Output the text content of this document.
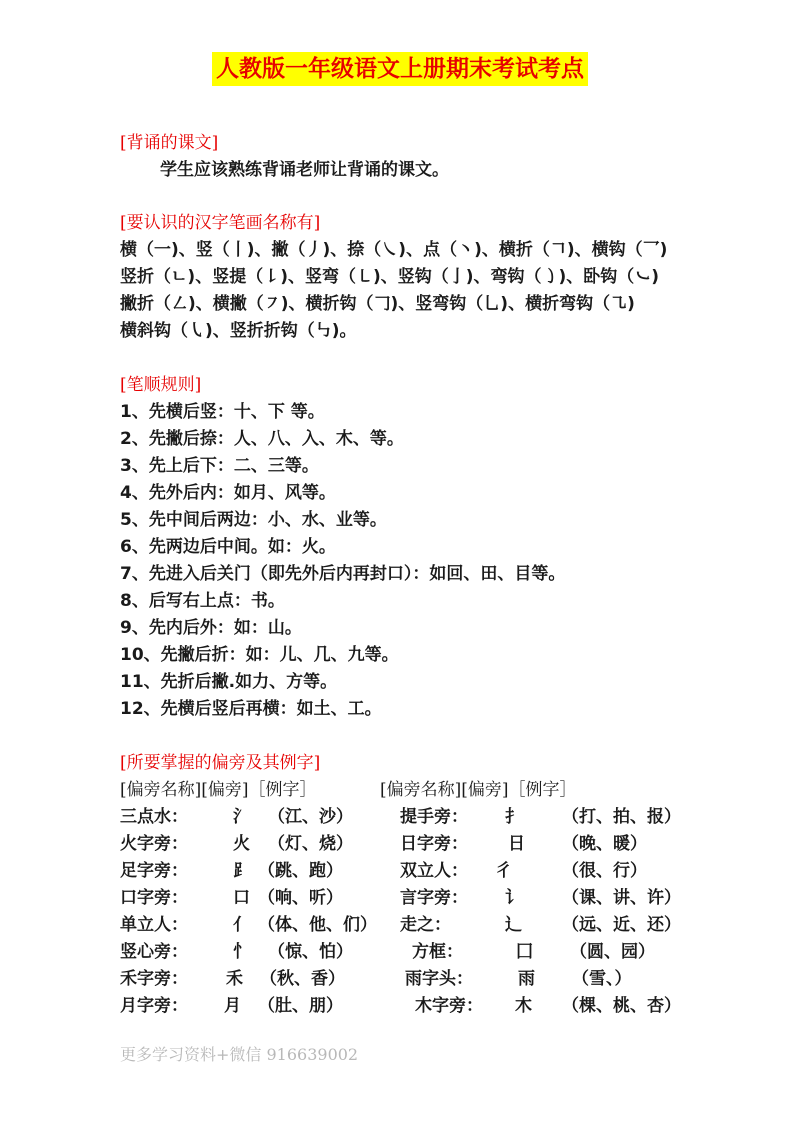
人教版一年级语文上册期末考试考点
[背诵的课文]
学生应该熟练背诵老师让背诵的课文。
[要认识的汉字笔画名称有]
横（一)、竖（丨)、撇（丿)、捺（㇏)、点（丶)、横折（𠃍)、横钩（乛)
竖折（ㄴ)、竖提（㇙)、竖弯（㇄)、竖钩（亅)、弯钩（㇁)、卧钩（㇃)
撇折（㇜)、横撇（㇇)、横折钩（𠃌)、竖弯钩（乚)、横折弯钩（㇈)
横斜钩（㇂)、竖折折钩（㇉)。
[笔顺规则]
1、先横后竖：十、下 等。
2、先撇后捺：人、八、入、木、等。
3、先上后下：二、三等。
4、先外后内：如月、风等。
5、先中间后两边：小、水、业等。
6、先两边后中间。如：火。
7、先进入后关门（即先外后内再封口）：如回、田、目等。
8、后写右上点：书。
9、先内后外：如：山。
10、先撇后折：如：儿、几、九等。
11、先折后撇.如力、方等。
12、先横后竖后再横：如土、工。
[所要掌握的偏旁及其例字]
[偏旁名称][偏旁]［例字］	[偏旁名称][偏旁]［例字］
三点水：	氵 （江、沙）	提手旁： 扌 （打、拍、报）
火字旁：	火 （灯、烧）	日字旁： 日 （晚、暖）
足字旁：	⻊ （跳、跑）	双立人： 彳	（很、行）
口字旁：	口 （响、听）	言字旁： 讠 （课、讲、许）
单立人：	亻 （体、他、们） 走之：	辶 （远、近、还）
竖心旁：	忄 （惊、怕）	方框：	囗 （圆、园）
禾字旁： 禾 （秋、香）	雨字头：	雨 （雪、）
月字旁： 月 （肚、朋）	木字旁： 木 （棵、桃、杏）
更多学习资料+微信 916639002
